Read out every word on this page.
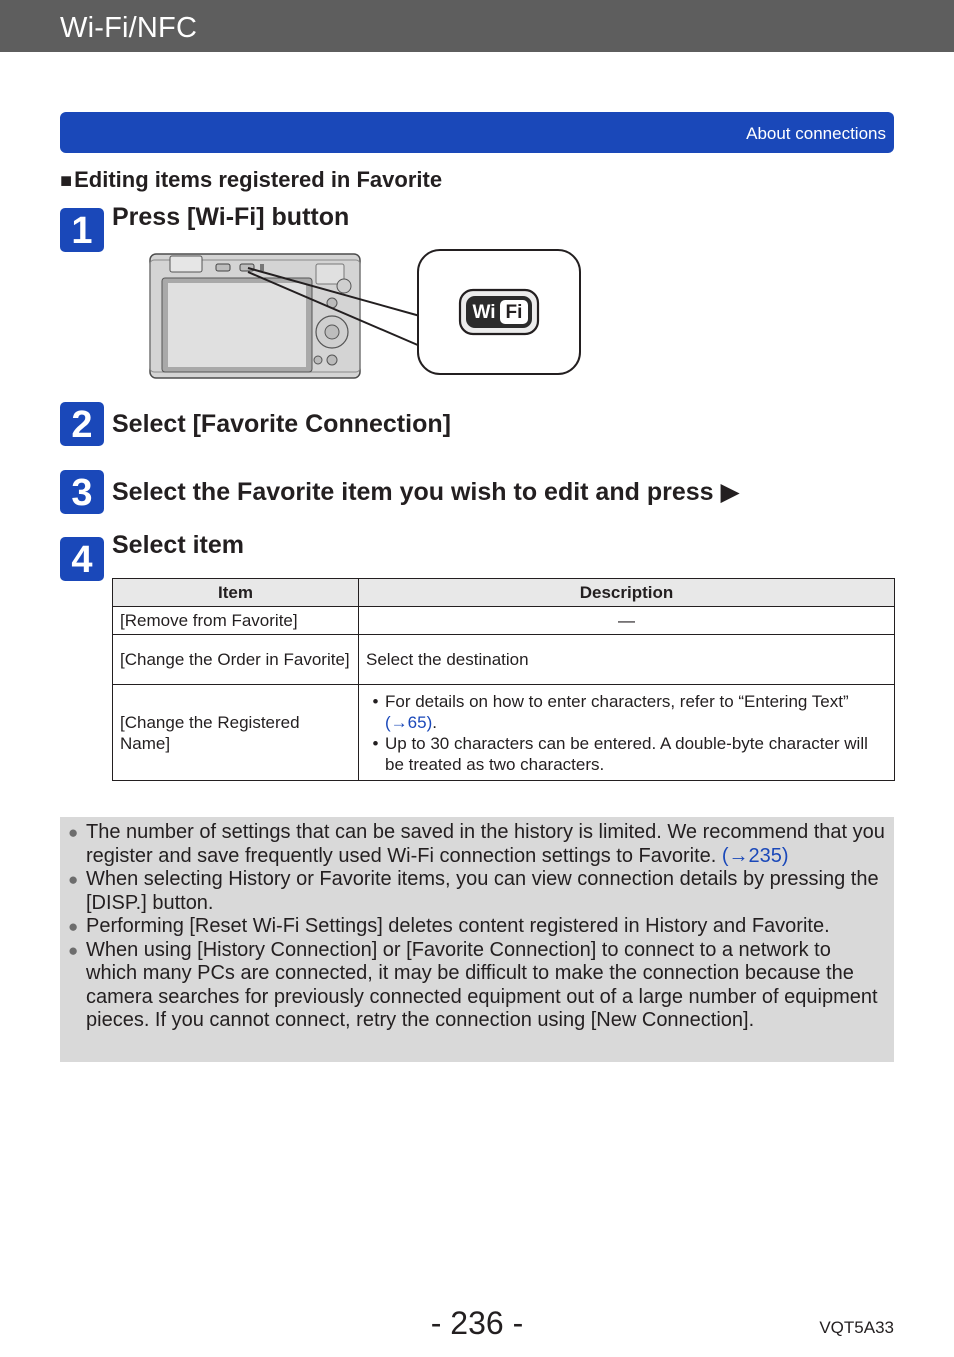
Wi-Fi/NFC
About connections
■Editing items registered in Favorite
1 Press [Wi-Fi] button
Wi Fi
2 Select [Favorite Connection]
3 Select the Favorite item you wish to edit and press ▶
4 Select item
Item	Description
[Remove from Favorite]	—
[Change the Order in Favorite]	Select the destination
[Change the Registered Name]	• For details on how to enter characters, refer to “Entering Text”
(→65).
• Up to 30 characters can be entered. A double-byte character will be treated as two characters.
● The number of settings that can be saved in the history is limited. We recommend that you register and save frequently used Wi-Fi connection settings to Favorite. (→235)
● When selecting History or Favorite items, you can view connection details by pressing the [DISP.] button.
● Performing [Reset Wi-Fi Settings] deletes content registered in History and Favorite.
● When using [History Connection] or [Favorite Connection] to connect to a network to which many PCs are connected, it may be difficult to make the connection because the camera searches for previously connected equipment out of a large number of equipment pieces. If you cannot connect, retry the connection using [New Connection].
- 236 -	VQT5A33
